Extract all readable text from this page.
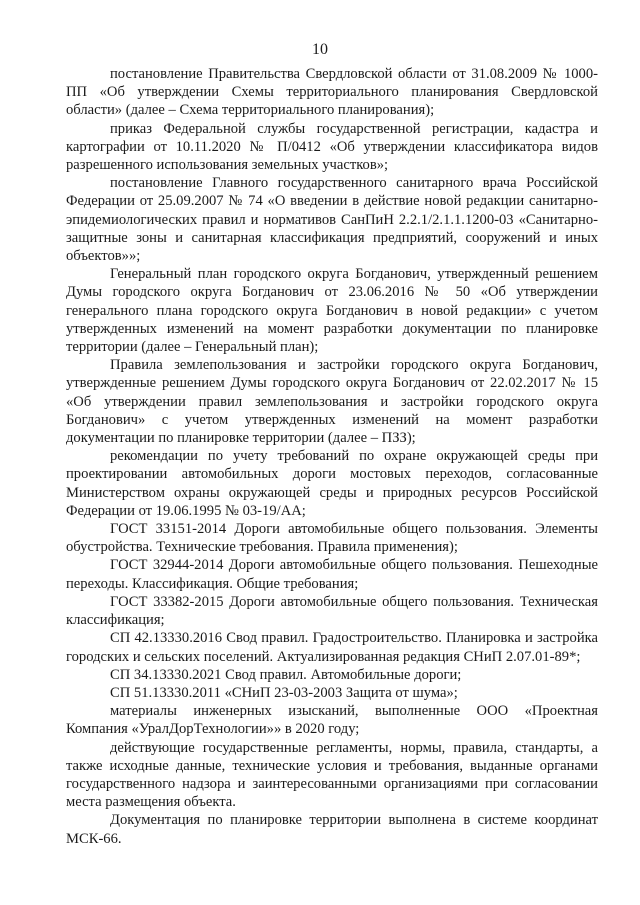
10

постановление Правительства Свердловской области от 31.08.2009 № 1000-ПП «Об утверждении Схемы территориального планирования Свердловской области» (далее – Схема территориального планирования);

приказ Федеральной службы государственной регистрации, кадастра и картографии от 10.11.2020 № П/0412 «Об утверждении классификатора видов разрешенного использования земельных участков»;

постановление Главного государственного санитарного врача Российской Федерации от 25.09.2007 № 74 «О введении в действие новой редакции санитарно-эпидемиологических правил и нормативов СанПиН 2.2.1/2.1.1.1200-03 «Санитарно-защитные зоны и санитарная классификация предприятий, сооружений и иных объектов»»;

Генеральный план городского округа Богданович, утвержденный решением Думы городского округа Богданович от 23.06.2016 № 50 «Об утверждении генерального плана городского округа Богданович в новой редакции» с учетом утвержденных изменений на момент разработки документации по планировке территории (далее – Генеральный план);

Правила землепользования и застройки городского округа Богданович, утвержденные решением Думы городского округа Богданович от 22.02.2017 № 15 «Об утверждении правил землепользования и застройки городского округа Богданович» с учетом утвержденных изменений на момент разработки документации по планировке территории (далее – ПЗЗ);

рекомендации по учету требований по охране окружающей среды при проектировании автомобильных дороги мостовых переходов, согласованные Министерством охраны окружающей среды и природных ресурсов Российской Федерации от 19.06.1995 № 03-19/АА;

ГОСТ 33151-2014 Дороги автомобильные общего пользования. Элементы обустройства. Технические требования. Правила применения);

ГОСТ 32944-2014 Дороги автомобильные общего пользования. Пешеходные переходы. Классификация. Общие требования;

ГОСТ 33382-2015 Дороги автомобильные общего пользования. Техническая классификация;

СП 42.13330.2016 Свод правил. Градостроительство. Планировка и застройка городских и сельских поселений. Актуализированная редакция СНиП 2.07.01-89*;

СП 34.13330.2021 Свод правил. Автомобильные дороги;

СП 51.13330.2011 «СНиП 23-03-2003 Защита от шума»;

материалы инженерных изысканий, выполненные ООО «Проектная Компания «УралДорТехнологии»» в 2020 году;

действующие государственные регламенты, нормы, правила, стандарты, а также исходные данные, технические условия и требования, выданные органами государственного надзора и заинтересованными организациями при согласовании места размещения объекта.

Документация по планировке территории выполнена в системе координат МСК-66.
